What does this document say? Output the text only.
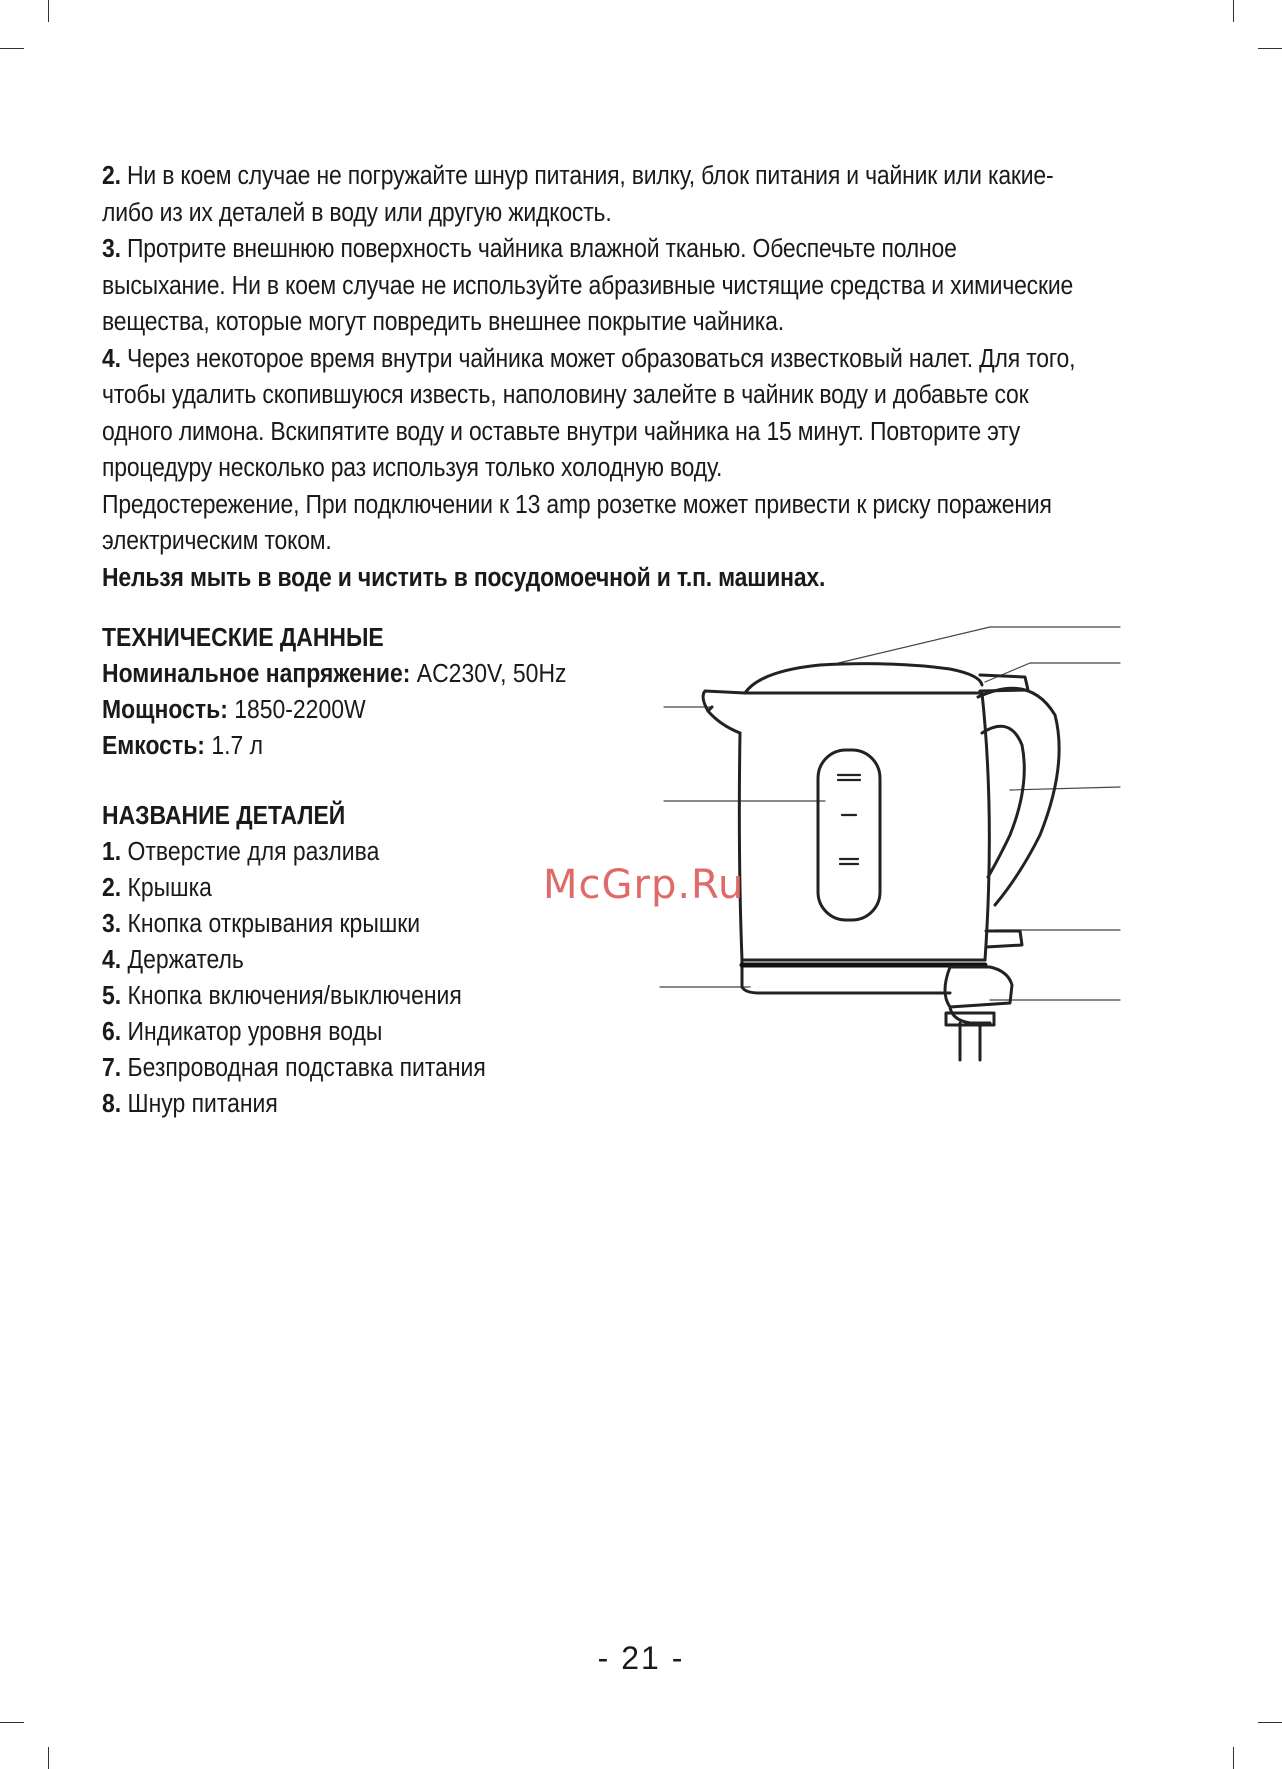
2. Ни в коем случае не погружайте шнур питания, вилку, блок питания и чайник или какие-либо из их деталей в воду или другую жидкость.

3. Протрите внешнюю поверхность чайника влажной тканью. Обеспечьте полное высыхание. Ни в коем случае не используйте абразивные чистящие средства и химические вещества, которые могут повредить внешнее покрытие чайника.

4. Через некоторое время внутри чайника может образоваться известковый налет. Для того, чтобы удалить скопившуюся известь, наполовину залейте в чайник воду и добавьте сок одного лимона. Вскипятите воду и оставьте внутри чайника на 15 минут. Повторите эту процедуру несколько раз используя только холодную воду.

Предостережение, При подключении к 13 amp розетке может привести к риску поражения электрическим током.

Нельзя мыть в воде и чистить в посудомоечной и т.п. машинах.

ТЕХНИЧЕСКИЕ ДАННЫЕ

Номинальное напряжение: AC230V, 50Hz

Мощность: 1850-2200W

Емкость: 1.7 л

НАЗВАНИЕ ДЕТАЛЕЙ

1. Отверстие для разлива
2. Крышка
3. Кнопка открывания крышки
4. Держатель
5. Кнопка включения/выключения
6. Индикатор уровня воды
7. Безпроводная подставка питания
8. Шнур питания
McGrp.Ru
- 21 -
